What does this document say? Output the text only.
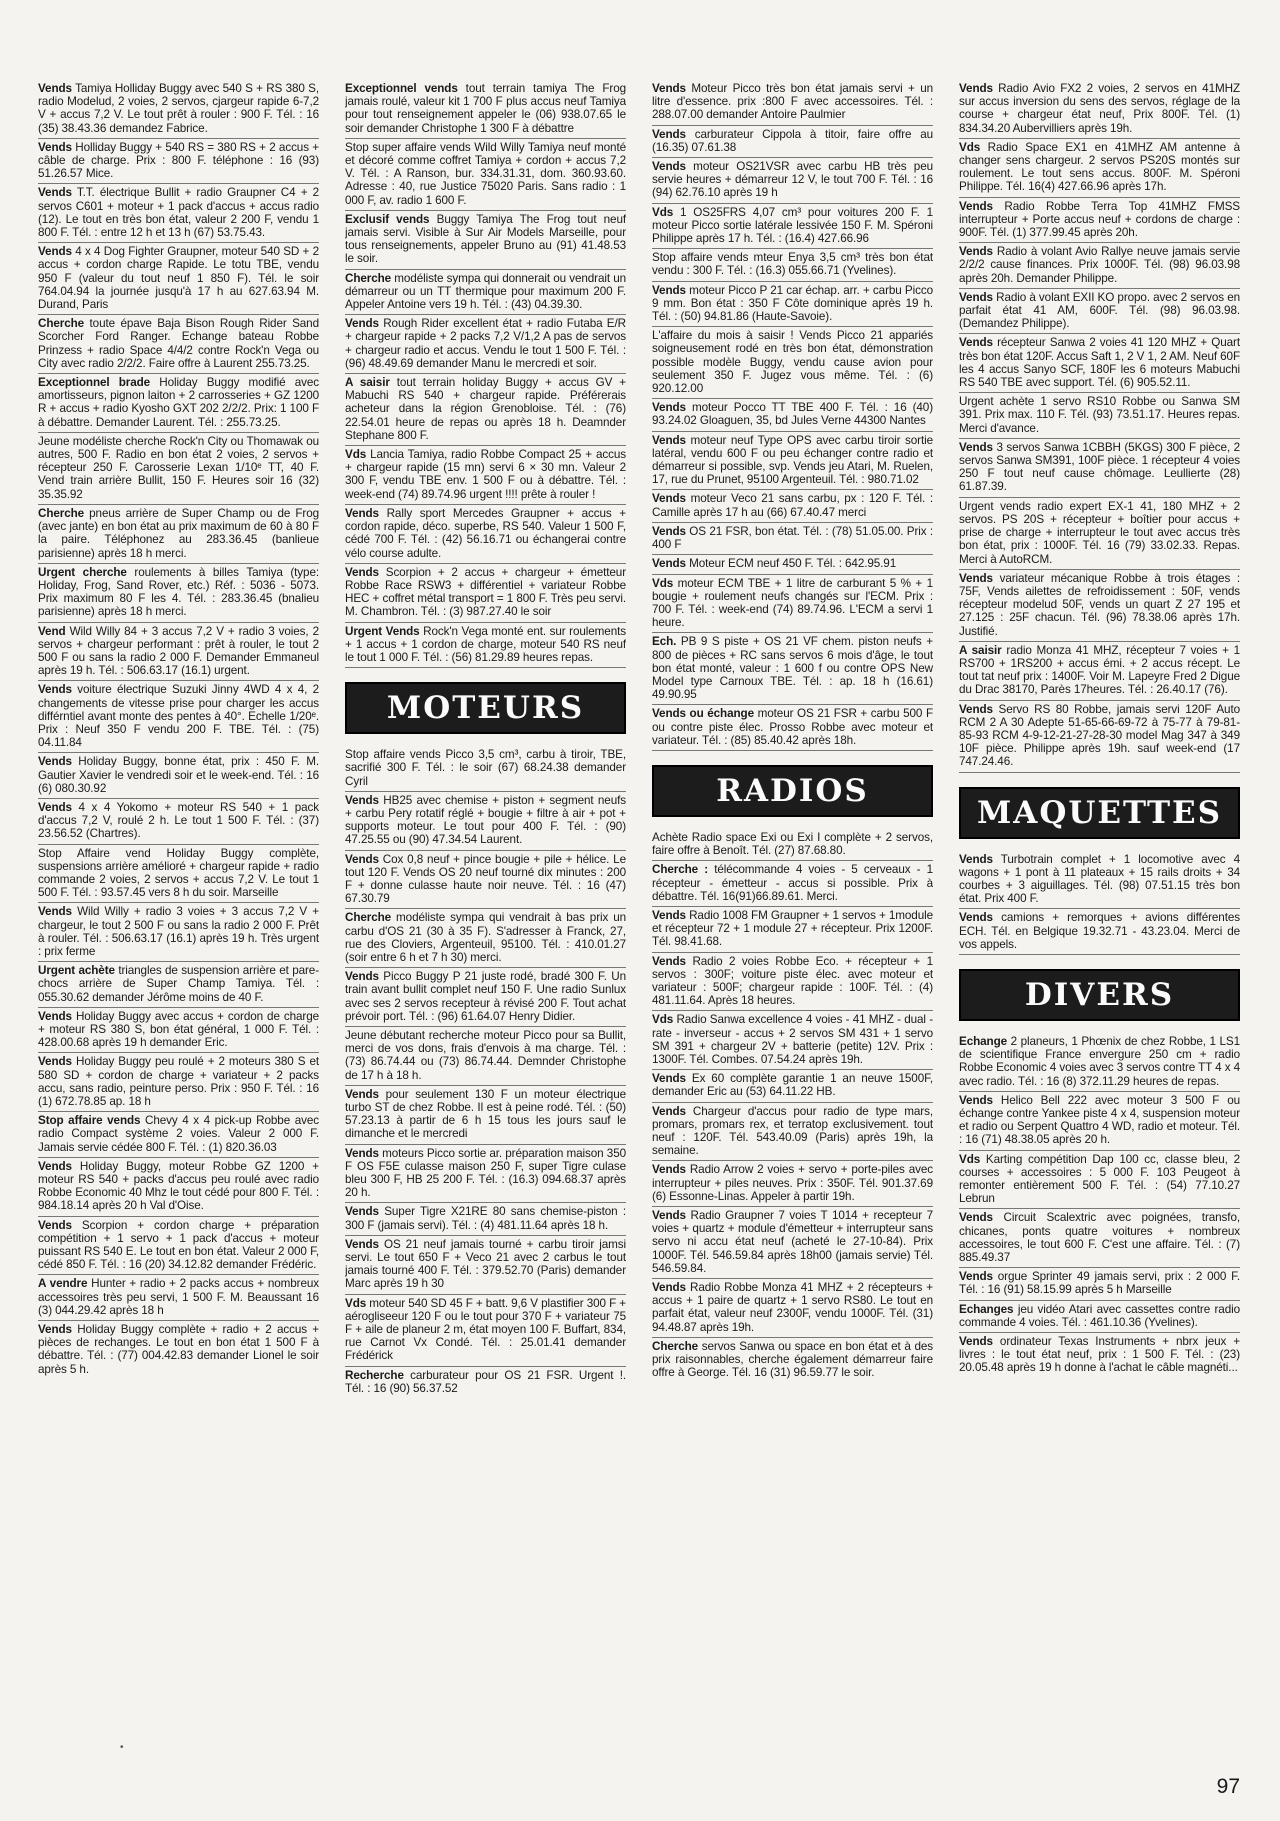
Vends Tamiya Holliday Buggy avec 540 S + RS 380 S, radio Modelud, 2 voies, 2 servos, cjargeur rapide 6-7,2 V + accus 7,2 V. Le tout prêt à rouler : 900 F. Tél. : 16 (35) 38.43.36 demandez Fabrice.
Vends Holliday Buggy + 540 RS = 380 RS + 2 accus + câble de charge. Prix : 800 F. téléphone : 16 (93) 51.26.57 Mice.
Vends T.T. électrique Bullit + radio Graupner C4 + 2 servos C601 + moteur + 1 pack d'accus + accus radio (12). Le tout en très bon état, valeur 2 200 F, vendu 1 800 F. Tél. : entre 12 h et 13 h (67) 53.75.43.
Vends 4 x 4 Dog Fighter Graupner, moteur 540 SD + 2 accus + cordon charge Rapide. Le totu TBE, vendu 950 F (valeur du tout neuf 1 850 F). Tél. le soir 764.04.94 la journée jusqu'à 17 h au 627.63.94 M. Durand, Paris
Cherche toute épave Baja Bison Rough Rider Sand Scorcher Ford Ranger. Echange bateau Robbe Prinzess + radio Space 4/4/2 contre Rock'n Vega ou City avec radio 2/2/2. Faire offre à Laurent 255.73.25.
Exceptionnel brade Holiday Buggy modifié avec amortisseurs, pignon laiton + 2 carrosseries + GZ 1200 R + accus + radio Kyosho GXT 202 2/2/2. Prix: 1 100 F à débattre. Demander Laurent. Tél. : 255.73.25.
Jeune modéliste cherche Rock'n City ou Thomawak ou autres, 500 F. Radio en bon état 2 voies, 2 servos + récepteur 250 F. Carosserie Lexan 1/10ᵉ TT, 40 F. Vend train arrière Bullit, 150 F. Heures soir 16 (32) 35.35.92
Cherche pneus arrière de Super Champ ou de Frog (avec jante) en bon état au prix maximum de 60 à 80 F la paire. Téléphonez au 283.36.45 (banlieue parisienne) après 18 h merci.
Urgent cherche roulements à billes Tamiya (type: Holiday, Frog, Sand Rover, etc.) Réf. : 5036 - 5073. Prix maximum 80 F les 4. Tél. : 283.36.45 (bnalieu parisienne) après 18 h merci.
Vend Wild Willy 84 + 3 accus 7,2 V + radio 3 voies, 2 servos + chargeur performant : prêt à rouler, le tout 2 500 F ou sans la radio 2 000 F. Demander Emmaneul après 19 h. Tél. : 506.63.17 (16.1) urgent.
Vends voiture électrique Suzuki Jinny 4WD 4 x 4, 2 changements de vitesse prise pour charger les accus différntiel avant monte des pentes à 40°. Echelle 1/20ᵉ. Prix : Neuf 350 F vendu 200 F. TBE. Tél. : (75) 04.11.84
Vends Holiday Buggy, bonne état, prix : 450 F. M. Gautier Xavier le vendredi soir et le week-end. Tél. : 16 (6) 080.30.92
Vends 4 x 4 Yokomo + moteur RS 540 + 1 pack d'accus 7,2 V, roulé 2 h. Le tout 1 500 F. Tél. : (37) 23.56.52 (Chartres).
Stop Affaire vend Holiday Buggy complète, suspensions arrière amélioré + chargeur rapide + radio commande 2 voies, 2 servos + accus 7,2 V. Le tout 1 500 F. Tél. : 93.57.45 vers 8 h du soir. Marseille
Vends Wild Willy + radio 3 voies + 3 accus 7,2 V + chargeur, le tout 2 500 F ou sans la radio 2 000 F. Prêt à rouler. Tél. : 506.63.17 (16.1) après 19 h. Très urgent : prix ferme
Urgent achète triangles de suspension arrière et pare-chocs arrière de Super Champ Tamiya. Tél. : 055.30.62 demander Jérôme moins de 40 F.
Vends Holiday Buggy avec accus + cordon de charge + moteur RS 380 S, bon état général, 1 000 F. Tél. : 428.00.68 après 19 h demander Eric.
Vends Holiday Buggy peu roulé + 2 moteurs 380 S et 580 SD + cordon de charge + variateur + 2 packs accu, sans radio, peinture perso. Prix : 950 F. Tél. : 16 (1) 672.78.85 ap. 18 h
Stop affaire vends Chevy 4 x 4 pick-up Robbe avec radio Compact système 2 voies. Valeur 2 000 F. Jamais servie cédée 800 F. Tél. : (1) 820.36.03
Vends Holiday Buggy, moteur Robbe GZ 1200 + moteur RS 540 + packs d'accus peu roulé avec radio Robbe Economic 40 Mhz le tout cédé pour 800 F. Tél. : 984.18.14 après 20 h Val d'Oise.
Vends Scorpion + cordon charge + préparation compétition + 1 servo + 1 pack d'accus + moteur puissant RS 540 E. Le tout en bon état. Valeur 2 000 F, cédé 850 F. Tél. : 16 (20) 34.12.82 demander Frédéric.
A vendre Hunter + radio + 2 packs accus + nombreux accessoires très peu servi, 1 500 F. M. Beaussant 16 (3) 044.29.42 après 18 h
Vends Holiday Buggy complète + radio + 2 accus + pièces de rechanges. Le tout en bon état 1 500 F à débattre. Tél. : (77) 004.42.83 demander Lionel le soir après 5 h.
Exceptionnel vends tout terrain tamiya The Frog jamais roulé, valeur kit 1 700 F plus accus neuf Tamiya pour tout renseignement appeler le (06) 938.07.65 le soir demander Christophe 1 300 F à débattre
Stop super affaire vends Wild Willy Tamiya neuf monté et décoré comme coffret Tamiya + cordon + accus 7,2 V. Tél. : A Ranson, bur. 334.31.31, dom. 360.93.60. Adresse : 40, rue Justice 75020 Paris. Sans radio : 1 000 F, av. radio 1 600 F.
Exclusif vends Buggy Tamiya The Frog tout neuf jamais servi. Visible à Sur Air Models Marseille, pour tous renseignements, appeler Bruno au (91) 41.48.53 le soir.
Cherche modéliste sympa qui donnerait ou vendrait un démarreur ou un TT thermique pour maximum 200 F. Appeler Antoine vers 19 h. Tél. : (43) 04.39.30.
Vends Rough Rider excellent état + radio Futaba E/R + chargeur rapide + 2 packs 7,2 V/1,2 A pas de servos + chargeur radio et accus. Vendu le tout 1 500 F. Tél. : (96) 48.49.69 demander Manu le mercredi et soir.
A saisir tout terrain holiday Buggy + accus GV + Mabuchi RS 540 + chargeur rapide. Préférerais acheteur dans la région Grenobloise. Tél. : (76) 22.54.01 heure de repas ou après 18 h. Deamnder Stephane 800 F.
Vds Lancia Tamiya, radio Robbe Compact 25 + accus + chargeur rapide (15 mn) servi 6 × 30 mn. Valeur 2 300 F, vendu TBE env. 1 500 F ou à débattre. Tél. : week-end (74) 89.74.96 urgent !!!! prête à rouler !
Vends Rally sport Mercedes Graupner + accus + cordon rapide, déco. superbe, RS 540. Valeur 1 500 F, cédé 700 F. Tél. : (42) 56.16.71 ou échangerai contre vélo course adulte.
Vends Scorpion + 2 accus + chargeur + émetteur Robbe Race RSW3 + différentiel + variateur Robbe HEC + coffret métal transport = 1 800 F. Très peu servi. M. Chambron. Tél. : (3) 987.27.40 le soir
Urgent Vends Rock'n Vega monté ent. sur roulements + 1 accus + 1 cordon de charge, moteur 540 RS neuf le tout 1 000 F. Tél. : (56) 81.29.89 heures repas.
MOTEURS
Stop affaire vends Picco 3,5 cm³, carbu à tiroir, TBE, sacrifié 300 F. Tél. : le soir (67) 68.24.38 demander Cyril
Vends HB25 avec chemise + piston + segment neufs + carbu Pery rotatif réglé + bougie + filtre à air + pot + supports moteur. Le tout pour 400 F. Tél. : (90) 47.25.55 ou (90) 47.34.54 Laurent.
Vends Cox 0,8 neuf + pince bougie + pile + hélice. Le tout 120 F. Vends OS 20 neuf tourné dix minutes : 200 F + donne culasse haute noir neuve. Tél. : 16 (47) 67.30.79
Cherche modéliste sympa qui vendrait à bas prix un carbu d'OS 21 (30 à 35 F). S'adresser à Franck, 27, rue des Cloviers, Argenteuil, 95100. Tél. : 410.01.27 (soir entre 6 h et 7 h 30) merci.
Vends Picco Buggy P 21 juste rodé, bradé 300 F. Un train avant bullit complet neuf 150 F. Une radio Sunlux avec ses 2 servos recepteur à révisé 200 F. Tout achat prévoir port. Tél. : (96) 61.64.07 Henry Didier.
Jeune débutant recherche moteur Picco pour sa Bullit, merci de vos dons, frais d'envois à ma charge. Tél. : (73) 86.74.44 ou (73) 86.74.44. Demnder Christophe de 17 h à 18 h.
Vends pour seulement 130 F un moteur électrique turbo ST de chez Robbe. Il est à peine rodé. Tél. : (50) 57.23.13 à partir de 6 h 15 tous les jours sauf le dimanche et le mercredi
Vends moteurs Picco sortie ar. préparation maison 350 F OS F5E culasse maison 250 F, super Tigre culase bleu 300 F, HB 25 200 F. Tél. : (16.3) 094.68.37 après 20 h.
Vends Super Tigre X21RE 80 sans chemise-piston : 300 F (jamais servi). Tél. : (4) 481.11.64 après 18 h.
Vends OS 21 neuf jamais tourné + carbu tiroir jamsi servi. Le tout 650 F + Veco 21 avec 2 carbus le tout jamais tourné 400 F. Tél. : 379.52.70 (Paris) demander Marc après 19 h 30
Vds moteur 540 SD 45 F + batt. 9,6 V plastifier 300 F + aérogliseeur 120 F ou le tout pour 370 F + variateur 75 F + aile de planeur 2 m, état moyen 100 F. Buffart, 834, rue Carnot Vx Condé. Tél. : 25.01.41 demander Frédérick
Recherche carburateur pour OS 21 FSR. Urgent !. Tél. : 16 (90) 56.37.52
Vends Moteur Picco très bon état jamais servi + un litre d'essence. prix :800 F avec accessoires. Tél. : 288.07.00 demander Antoire Paulmier
Vends carburateur Cippola à titoir, faire offre au (16.35) 07.61.38
Vends moteur OS21VSR avec carbu HB très peu servie heures + démarreur 12 V, le tout 700 F. Tél. : 16 (94) 62.76.10 après 19 h
Vds 1 OS25FRS 4,07 cm³ pour voitures 200 F. 1 moteur Picco sortie latérale lessivée 150 F. M. Spéroni Philippe après 17 h. Tél. : (16.4) 427.66.96
Stop affaire vends mteur Enya 3,5 cm³ très bon état vendu : 300 F. Tél. : (16.3) 055.66.71 (Yvelines).
Vends moteur Picco P 21 car échap. arr. + carbu Picco 9 mm. Bon état : 350 F Côte dominique après 19 h. Tél. : (50) 94.81.86 (Haute-Savoie).
L'affaire du mois à saisir ! Vends Picco 21 appariés soigneusement rodé en très bon état, démonstration possible modèle Buggy, vendu cause avion pour seulement 350 F. Jugez vous même. Tél. : (6) 920.12.00
Vends moteur Pocco TT TBE 400 F. Tél. : 16 (40) 93.24.02 Gloaguen, 35, bd Jules Verne 44300 Nantes
Vends moteur neuf Type OPS avec carbu tiroir sortie latéral, vendu 600 F ou peu échanger contre radio et démarreur si possible, svp. Vends jeu Atari, M. Ruelen, 17, rue du Prunet, 95100 Argenteuil. Tél. : 980.71.02
Vends moteur Veco 21 sans carbu, px : 120 F. Tél. : Camille après 17 h au (66) 67.40.47 merci
Vends OS 21 FSR, bon état. Tél. : (78) 51.05.00. Prix : 400 F
Vends Moteur ECM neuf 450 F. Tél. : 642.95.91
Vds moteur ECM TBE + 1 litre de carburant 5 % + 1 bougie + roulement neufs changés sur l'ECM. Prix : 700 F. Tél. : week-end (74) 89.74.96. L'ECM a servi 1 heure.
Ech. PB 9 S piste + OS 21 VF chem. piston neufs + 800 de pièces + RC sans servos 6 mois d'âge, le tout bon état monté, valeur : 1 600 f ou contre OPS New Model type Carnoux TBE. Tél. : ap. 18 h (16.61) 49.90.95
Vends ou échange moteur OS 21 FSR + carbu 500 F ou contre piste élec. Prosso Robbe avec moteur et variateur. Tél. : (85) 85.40.42 après 18h.
RADIOS
Achète Radio space Exi ou Exi I complète + 2 servos, faire offre à Benoît. Tél. (27) 87.68.80.
Cherche : télécommande 4 voies - 5 cerveaux - 1 récepteur - émetteur - accus si possible. Prix à débattre. Tél. 16(91)66.89.61. Merci.
Vends Radio 1008 FM Graupner + 1 servos + 1module et récepteur 72 + 1 module 27 + récepteur. Prix 1200F. Tél. 98.41.68.
Vends Radio 2 voies Robbe Eco. + récepteur + 1 servos : 300F; voiture piste élec. avec moteur et variateur : 500F; chargeur rapide : 100F. Tél. : (4) 481.11.64. Après 18 heures.
Vds Radio Sanwa excellence 4 voies - 41 MHZ - dual - rate - inverseur - accus + 2 servos SM 431 + 1 servo SM 391 + chargeur 2V + batterie (petite) 12V. Prix : 1300F. Tél. Combes. 07.54.24 après 19h.
Vends Ex 60 complète garantie 1 an neuve 1500F, demander Eric au (53) 64.11.22 HB.
Vends Chargeur d'accus pour radio de type mars, promars, promars rex, et terratop exclusivement. tout neuf : 120F. Tél. 543.40.09 (Paris) après 19h, la semaine.
Vends Radio Arrow 2 voies + servo + porte-piles avec interrupteur + piles neuves. Prix : 350F. Tél. 901.37.69 (6) Essonne-Linas. Appeler à partir 19h.
Vends Radio Graupner 7 voies T 1014 + recepteur 7 voies + quartz + module d'émetteur + interrupteur sans servo ni accu état neuf (acheté le 27-10-84). Prix 1000F. Tél. 546.59.84 après 18h00 (jamais servie) Tél. 546.59.84.
Vends Radio Robbe Monza 41 MHZ + 2 récepteurs + accus + 1 paire de quartz + 1 servo RS80. Le tout en parfait état, valeur neuf 2300F, vendu 1000F. Tél. (31) 94.48.87 après 19h.
Cherche servos Sanwa ou space en bon état et à des prix raisonnables, cherche également démarreur faire offre à George. Tél. 16 (31) 96.59.77 le soir.
Vends Radio Avio FX2 2 voies, 2 servos en 41MHZ sur accus inversion du sens des servos, réglage de la course + chargeur état neuf, Prix 800F. Tél. (1) 834.34.20 Aubervilliers après 19h.
Vds Radio Space EX1 en 41MHZ AM antenne à changer sens chargeur. 2 servos PS20S montés sur roulement. Le tout sens accus. 800F. M. Spéroni Philippe. Tél. 16(4) 427.66.96 après 17h.
Vends Radio Robbe Terra Top 41MHZ FMSS interrupteur + Porte accus neuf + cordons de charge : 900F. Tél. (1) 377.99.45 après 20h.
Vends Radio à volant Avio Rallye neuve jamais servie 2/2/2 cause finances. Prix 1000F. Tél. (98) 96.03.98 après 20h. Demander Philippe.
Vends Radio à volant EXII KO propo. avec 2 servos en parfait état 41 AM, 600F. Tél. (98) 96.03.98. (Demandez Philippe).
Vends récepteur Sanwa 2 voies 41 120 MHZ + Quart très bon état 120F. Accus Saft 1, 2 V 1, 2 AM. Neuf 60F les 4 accus Sanyo SCF, 180F les 6 moteurs Mabuchi RS 540 TBE avec support. Tél. (6) 905.52.11.
Urgent achète 1 servo RS10 Robbe ou Sanwa SM 391. Prix max. 110 F. Tél. (93) 73.51.17. Heures repas. Merci d'avance.
Vends 3 servos Sanwa 1CBBH (5KGS) 300 F pièce, 2 servos Sanwa SM391, 100F pièce. 1 récepteur 4 voies 250 F tout neuf cause chômage. Leullierte (28) 61.87.39.
Urgent vends radio expert EX-1 41, 180 MHZ + 2 servos. PS 20S + récepteur + boîtier pour accus + prise de charge + interrupteur le tout avec accus très bon état, prix : 1000F. Tél. 16 (79) 33.02.33. Repas. Merci à AutoRCM.
Vends variateur mécanique Robbe à trois étages : 75F, Vends ailettes de refroidissement : 50F, vends récepteur modelud 50F, vends un quart Z 27 195 et 27.125 : 25F chacun. Tél. (96) 78.38.06 après 17h. Justifié.
A saisir radio Monza 41 MHZ, récepteur 7 voies + 1 RS700 + 1RS200 + accus émi. + 2 accus récept. Le tout tat neuf prix : 1400F. Voir M. Lapeyre Fred 2 Digue du Drac 38170, Parès 17heures. Tél. : 26.40.17 (76).
Vends Servo RS 80 Robbe, jamais servi 120F Auto RCM 2 A 30 Adepte 51-65-66-69-72 à 75-77 à 79-81-85-93 RCM 4-9-12-21-27-28-30 model Mag 347 à 349 10F pièce. Philippe après 19h. sauf week-end (17 747.24.46.
MAQUETTES
Vends Turbotrain complet + 1 locomotive avec 4 wagons + 1 pont à 11 plateaux + 15 rails droits + 34 courbes + 3 aiguillages. Tél. (98) 07.51.15 très bon état. Prix 400 F.
Vends camions + remorques + avions différentes ECH. Tél. en Belgique 19.32.71 - 43.23.04. Merci de vos appels.
DIVERS
Echange 2 planeurs, 1 Phœnix de chez Robbe, 1 LS1 de scientifique France envergure 250 cm + radio Robbe Economic 4 voies avec 3 servos contre TT 4 x 4 avec radio. Tél. : 16 (8) 372.11.29 heures de repas.
Vends Helico Bell 222 avec moteur 3 500 F ou échange contre Yankee piste 4 x 4, suspension moteur et radio ou Serpent Quattro 4 WD, radio et moteur. Tél. : 16 (71) 48.38.05 après 20 h.
Vds Karting compétition Dap 100 cc, classe bleu, 2 courses + accessoires : 5 000 F. 103 Peugeot à remonter entièrement 500 F. Tél. : (54) 77.10.27 Lebrun
Vends Circuit Scalextric avec poignées, transfo, chicanes, ponts quatre voitures + nombreux accessoires, le tout 600 F. C'est une affaire. Tél. : (7) 885.49.37
Vends orgue Sprinter 49 jamais servi, prix : 2 000 F. Tél. : 16 (91) 58.15.99 après 5 h Marseille
Echanges jeu vidéo Atari avec cassettes contre radio commande 4 voies. Tél. : 461.10.36 (Yvelines).
Vends ordinateur Texas Instruments + nbrx jeux + livres : le tout état neuf, prix : 1 500 F. Tél. : (23) 20.05.48 après 19 h donne à l'achat le câble magnéti...
•
97
